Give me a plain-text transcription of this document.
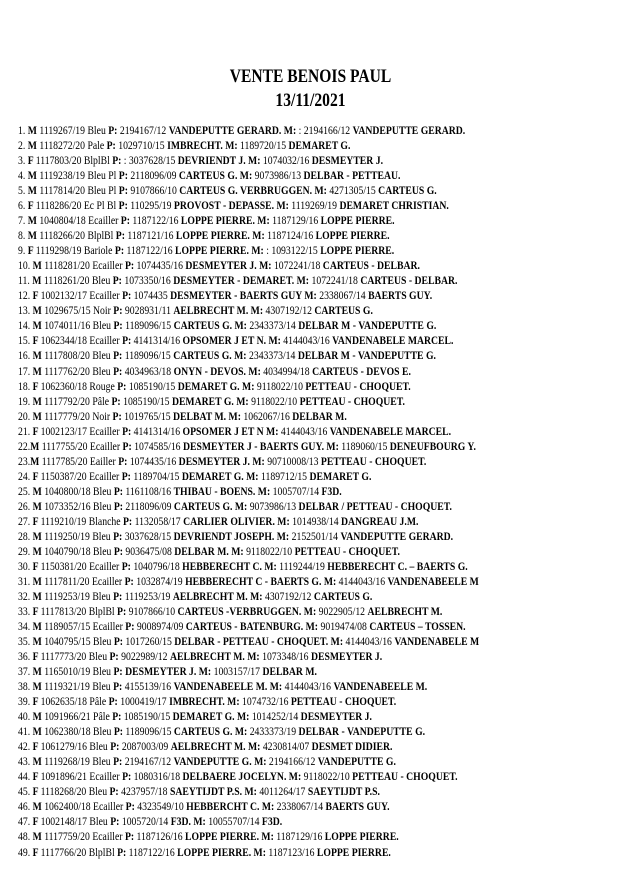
VENTE BENOIS PAUL
13/11/2021
1. M 1119267/19 Bleu P: 2194167/12 VANDEPUTTE GERARD. M: : 2194166/12 VANDEPUTTE GERARD.
2. M 1118272/20 Pale P: 1029710/15 IMBRECHT. M: 1189720/15 DEMARET G.
3. F 1117803/20 BlplBl P: : 3037628/15 DEVRIENDT J. M: 1074032/16 DESMEYTER J.
4. M 1119238/19 Bleu Pl P: 2118096/09 CARTEUS G. M: 9073986/13 DELBAR - PETTEAU.
5. M 1117814/20 Bleu Pl P: 9107866/10 CARTEUS G. VERBRUGGEN. M: 4271305/15 CARTEUS G.
6. F 1118286/20 Ec Pl Bl P: 110295/19 PROVOST - DEPASSE. M: 1119269/19 DEMARET CHRISTIAN.
7. M 1040804/18 Ecailler P: 1187122/16 LOPPE PIERRE. M: 1187129/16 LOPPE PIERRE.
8. M 1118266/20 BlplBl P: 1187121/16 LOPPE PIERRE. M: 1187124/16 LOPPE PIERRE.
9. F 1119298/19 Bariole P: 1187122/16 LOPPE PIERRE. M: : 1093122/15 LOPPE PIERRE.
10. M 1118281/20 Ecailler P: 1074435/16 DESMEYTER J. M: 1072241/18 CARTEUS - DELBAR.
11. M 1118261/20 Bleu P: 1073350/16 DESMEYTER - DEMARET. M: 1072241/18 CARTEUS - DELBAR.
12. F 1002132/17 Ecailler P: 1074435 DESMEYTER - BAERTS GUY M: 2338067/14 BAERTS GUY.
13. M 1029675/15 Noir P: 9028931/11 AELBRECHT M. M: 4307192/12 CARTEUS G.
14. M 1074011/16 Bleu P: 1189096/15 CARTEUS G. M: 2343373/14 DELBAR M - VANDEPUTTE G.
15. F 1062344/18 Ecailler P: 4141314/16 OPSOMER J ET N. M: 4144043/16 VANDENABELE MARCEL.
16. M 1117808/20 Bleu P: 1189096/15 CARTEUS G. M: 2343373/14 DELBAR M - VANDEPUTTE G.
17. M 1117762/20 Bleu P: 4034963/18 ONYN - DEVOS. M: 4034994/18 CARTEUS - DEVOS E.
18. F 1062360/18 Rouge P: 1085190/15 DEMARET G. M: 9118022/10 PETTEAU - CHOQUET.
19. M 1117792/20 Pâle P: 1085190/15 DEMARET G. M: 9118022/10 PETTEAU - CHOQUET.
20. M 1117779/20 Noir P: 1019765/15 DELBAT M. M: 1062067/16 DELBAR M.
21. F 1002123/17 Ecailler P: 4141314/16 OPSOMER J ET N M: 4144043/16 VANDENABELE MARCEL.
22.M 1117755/20 Ecailler P: 1074585/16 DESMEYTER J - BAERTS GUY. M: 1189060/15 DENEUFBOURG Y.
23.M 1117785/20 Eailler P: 1074435/16 DESMEYTER J. M: 90710008/13 PETTEAU - CHOQUET.
24. F 1150387/20 Ecailler P: 1189704/15 DEMARET G. M: 1189712/15 DEMARET G.
25. M 1040800/18 Bleu P: 1161108/16 THIBAU - BOENS. M: 1005707/14 F3D.
26. M 1073352/16 Bleu P: 2118096/09 CARTEUS G. M: 9073986/13 DELBAR / PETTEAU - CHOQUET.
27. F 1119210/19 Blanche P: 1132058/17 CARLIER OLIVIER. M: 1014938/14 DANGREAU J.M.
28. M 1119250/19 Bleu P: 3037628/15 DEVRIENDT JOSEPH. M: 2152501/14 VANDEPUTTE GERARD.
29. M 1040790/18 Bleu P: 9036475/08 DELBAR M. M: 9118022/10 PETTEAU - CHOQUET.
30. F 1150381/20 Ecailler P: 1040796/18 HEBBERECHT C. M: 1119244/19 HEBBERECHT C. – BAERTS G.
31. M 1117811/20 Ecailler P: 1032874/19 HEBBERECHT C - BAERTS G. M: 4144043/16 VANDENABEELE M
32. M 1119253/19 Bleu P: 1119253/19 AELBRECHT M. M: 4307192/12 CARTEUS G.
33. F 1117813/20 BlplBl P: 9107866/10 CARTEUS -VERBRUGGEN. M: 9022905/12 AELBRECHT M.
34. M 1189057/15 Ecailler P: 9008974/09 CARTEUS - BATENBURG. M: 9019474/08 CARTEUS – TOSSEN.
35. M 1040795/15 Bleu P: 1017260/15 DELBAR - PETTEAU - CHOQUET. M: 4144043/16 VANDENABELE M
36. F 1117773/20 Bleu P: 9022989/12 AELBRECHT M. M: 1073348/16 DESMEYTER J.
37. M 1165010/19 Bleu P: DESMEYTER J. M: 1003157/17 DELBAR M.
38. M 1119321/19 Bleu P: 4155139/16 VANDENABEELE M. M: 4144043/16 VANDENABEELE M.
39. F 1062635/18 Pâle P: 1000419/17 IMBRECHT. M: 1074732/16 PETTEAU - CHOQUET.
40. M 1091966/21 Pâle P: 1085190/15 DEMARET G. M: 1014252/14 DESMEYTER J.
41. M 1062380/18 Bleu P: 1189096/15 CARTEUS G. M: 2433373/19 DELBAR - VANDEPUTTE G.
42. F 1061279/16 Bleu P: 2087003/09 AELBRECHT M. M: 4230814/07 DESMET DIDIER.
43. M 1119268/19 Bleu P: 2194167/12 VANDEPUTTE G. M: 2194166/12 VANDEPUTTE G.
44. F 1091896/21 Ecailler P: 1080316/18 DELBAERE JOCELYN. M: 9118022/10 PETTEAU - CHOQUET.
45. F 1118268/20 Bleu P: 4237957/18 SAEYTIJDT P.S. M: 4011264/17 SAEYTIJDT P.S.
46. M 1062400/18 Ecailler P: 4323549/10 HEBBERCHT C. M: 2338067/14 BAERTS GUY.
47. F 1002148/17 Bleu P: 1005720/14 F3D. M: 10055707/14 F3D.
48. M 1117759/20 Ecailler P: 1187126/16 LOPPE PIERRE. M: 1187129/16 LOPPE PIERRE.
49. F 1117766/20 BlplBl P: 1187122/16 LOPPE PIERRE. M: 1187123/16 LOPPE PIERRE.
